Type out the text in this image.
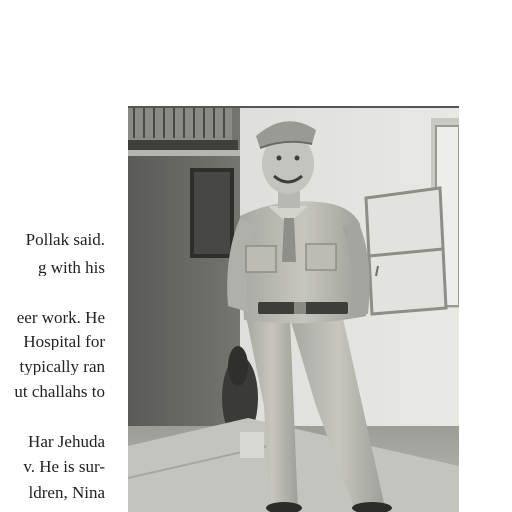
Pollak said.
g with his
eer work. He
Hospital for
typically ran
ut challahs to
Har Jehuda
v. He is sur-
ldren, Nina
